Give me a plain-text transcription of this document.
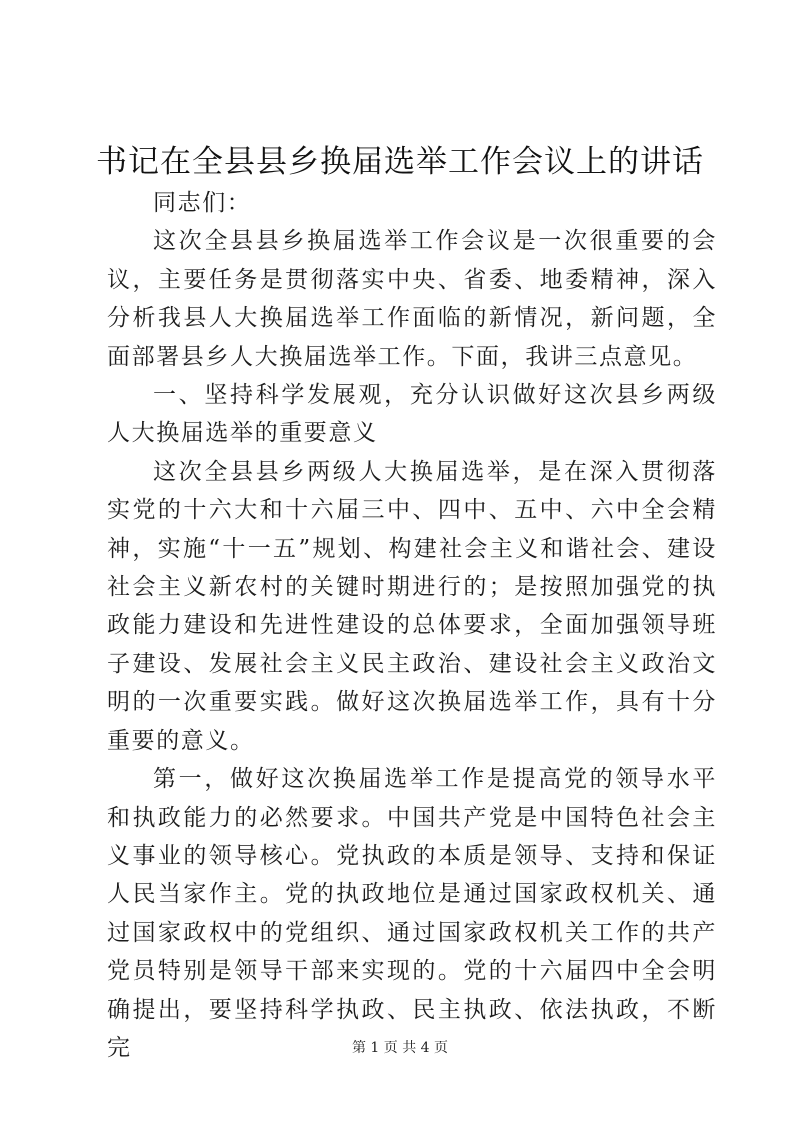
书记在全县县乡换届选举工作会议上的讲话

同志们：

这次全县县乡换届选举工作会议是一次很重要的会议，主要任务是贯彻落实中央、省委、地委精神，深入分析我县人大换届选举工作面临的新情况，新问题，全面部署县乡人大换届选举工作。下面，我讲三点意见。

一、坚持科学发展观，充分认识做好这次县乡两级人大换届选举的重要意义

这次全县县乡两级人大换届选举，是在深入贯彻落实党的十六大和十六届三中、四中、五中、六中全会精神，实施“十一五”规划、构建社会主义和谐社会、建设社会主义新农村的关键时期进行的；是按照加强党的执政能力建设和先进性建设的总体要求，全面加强领导班子建设、发展社会主义民主政治、建设社会主义政治文明的一次重要实践。做好这次换届选举工作，具有十分重要的意义。

第一，做好这次换届选举工作是提高党的领导水平和执政能力的必然要求。中国共产党是中国特色社会主义事业的领导核心。党执政的本质是领导、支持和保证人民当家作主。党的执政地位是通过国家政权机关、通过国家政权中的党组织、通过国家政权机关工作的共产党员特别是领导干部来实现的。党的十六届四中全会明确提出，要坚持科学执政、民主执政、依法执政，不断完	第 1 页 共 4 页
